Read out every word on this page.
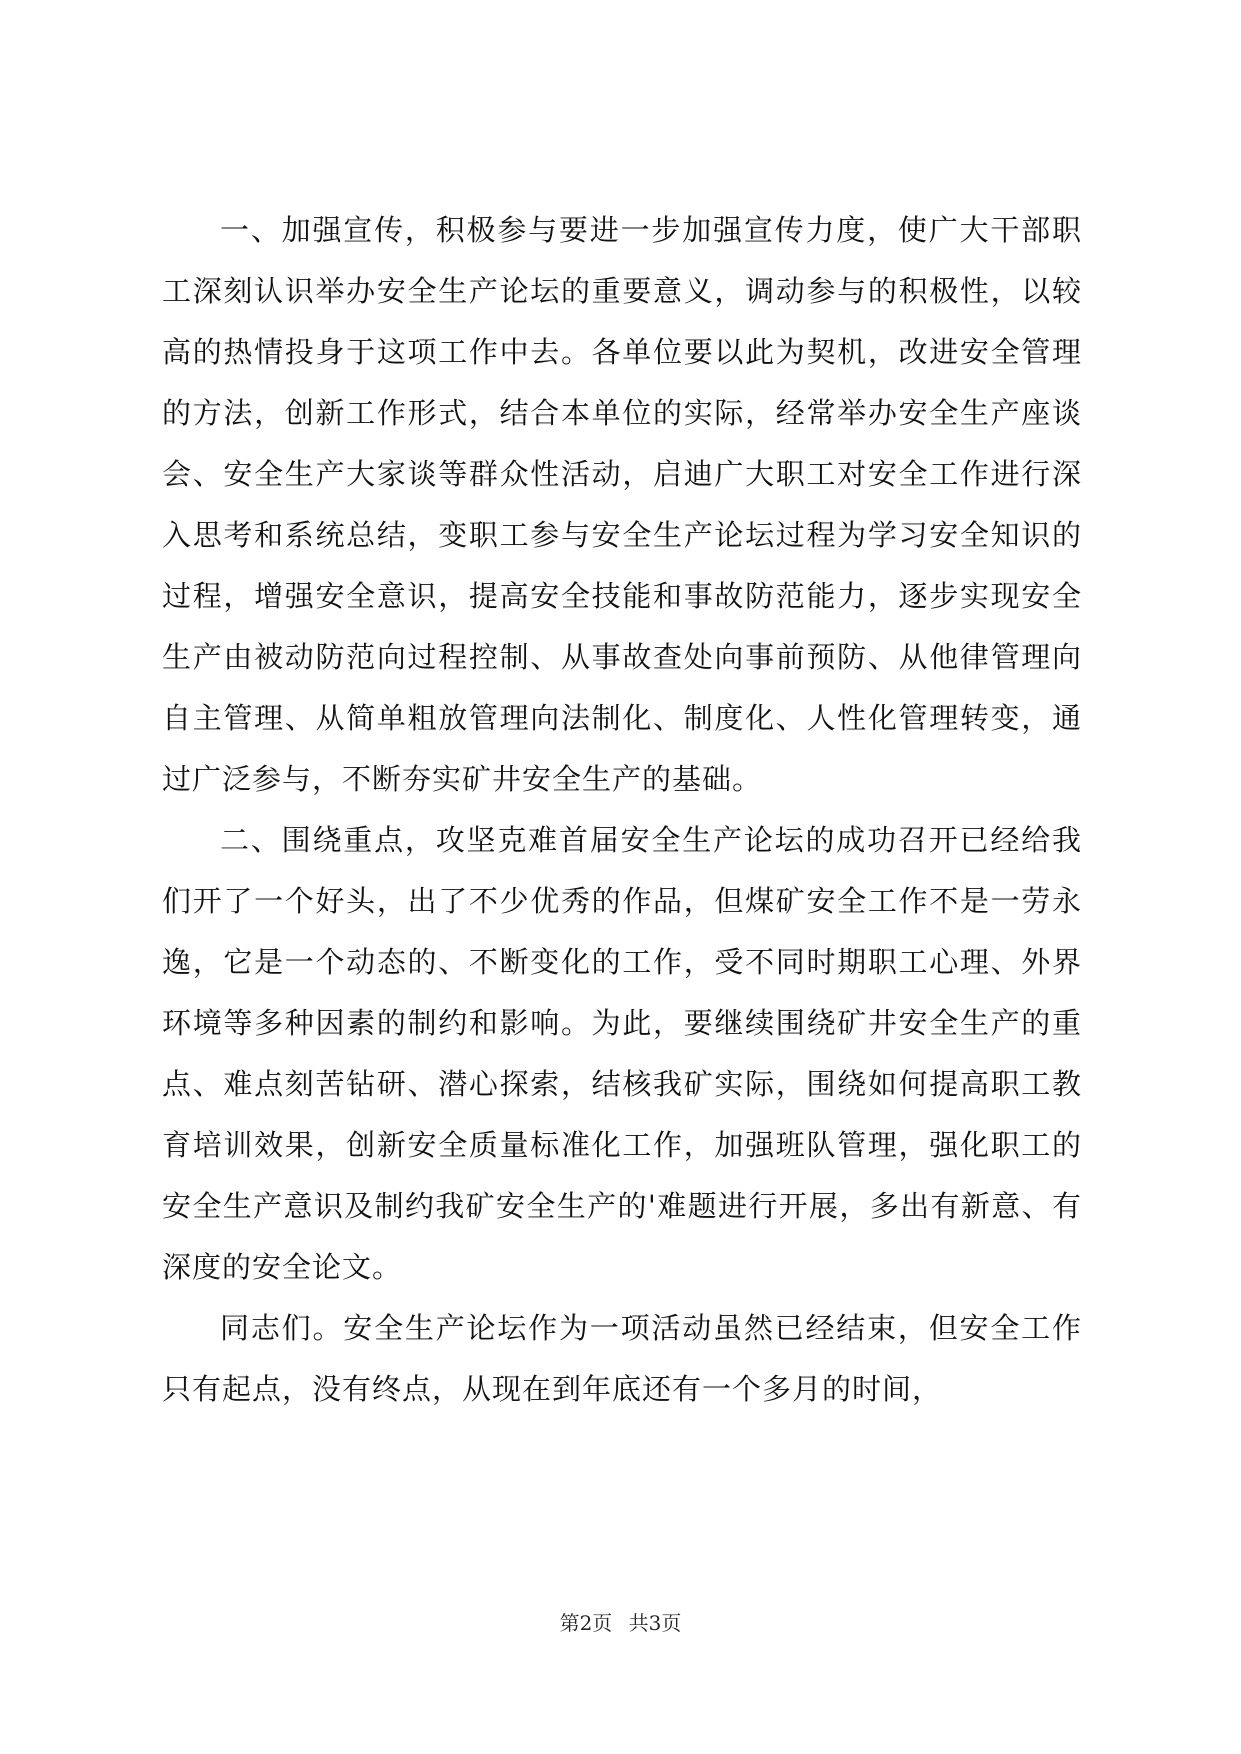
一、加强宣传，积极参与要进一步加强宣传力度，使广大干部职工深刻认识举办安全生产论坛的重要意义，调动参与的积极性，以较高的热情投身于这项工作中去。各单位要以此为契机，改进安全管理的方法，创新工作形式，结合本单位的实际，经常举办安全生产座谈会、安全生产大家谈等群众性活动，启迪广大职工对安全工作进行深入思考和系统总结，变职工参与安全生产论坛过程为学习安全知识的过程，增强安全意识，提高安全技能和事故防范能力，逐步实现安全生产由被动防范向过程控制、从事故查处向事前预防、从他律管理向自主管理、从简单粗放管理向法制化、制度化、人性化管理转变，通过广泛参与，不断夯实矿井安全生产的基础。

二、围绕重点，攻坚克难首届安全生产论坛的成功召开已经给我们开了一个好头，出了不少优秀的作品，但煤矿安全工作不是一劳永逸，它是一个动态的、不断变化的工作，受不同时期职工心理、外界环境等多种因素的制约和影响。为此，要继续围绕矿井安全生产的重点、难点刻苦钻研、潜心探索，结核我矿实际，围绕如何提高职工教育培训效果，创新安全质量标准化工作，加强班队管理，强化职工的安全生产意识及制约我矿安全生产的'难题进行开展，多出有新意、有深度的安全论文。

同志们。安全生产论坛作为一项活动虽然已经结束，但安全工作只有起点，没有终点，从现在到年底还有一个多月的时间，

第2页 共3页
